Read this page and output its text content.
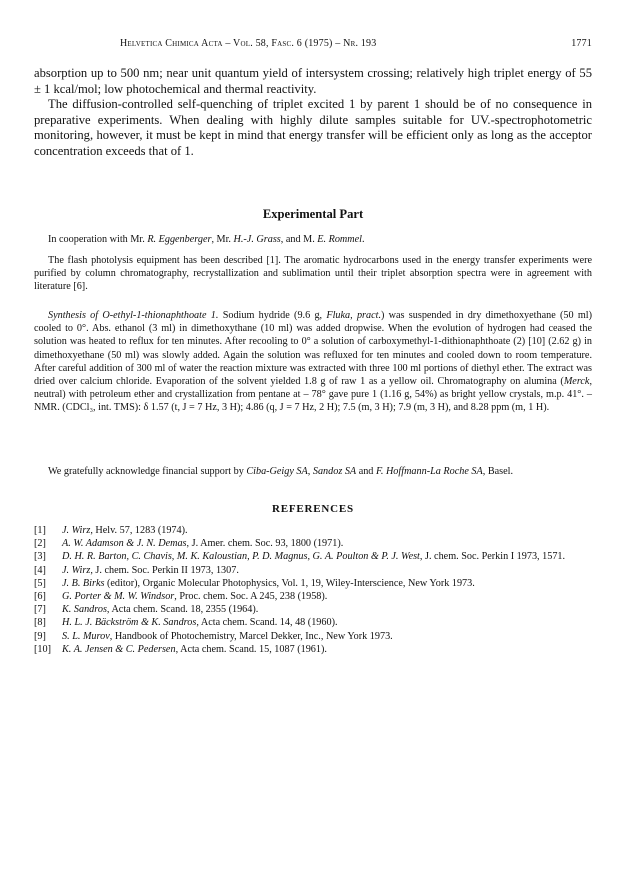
Helvetica Chimica Acta – Vol. 58, Fasc. 6 (1975) – Nr. 193	1771

absorption up to 500 nm; near unit quantum yield of intersystem crossing; relatively high triplet energy of 55 ± 1 kcal/mol; low photochemical and thermal reactivity.

The diffusion-controlled self-quenching of triplet excited 1 by parent 1 should be of no consequence in preparative experiments. When dealing with highly dilute samples suitable for UV.-spectrophotometric monitoring, however, it must be kept in mind that energy transfer will be efficient only as long as the acceptor concentration exceeds that of 1.

Experimental Part

In cooperation with Mr. R. Eggenberger, Mr. H.-J. Grass, and M. E. Rommel.

The flash photolysis equipment has been described [1]. The aromatic hydrocarbons used in the energy transfer experiments were purified by column chromatography, recrystallization and sublimation until their triplet absorption spectra were in agreement with literature [6].

Synthesis of O-ethyl-1-thionaphthoate 1. Sodium hydride (9.6 g, Fluka, pract.) was suspended in dry dimethoxyethane (50 ml) cooled to 0°. Abs. ethanol (3 ml) in dimethoxythane (10 ml) was added dropwise. When the evolution of hydrogen had ceased the solution was heated to reflux for ten minutes. After recooling to 0° a solution of carboxymethyl-1-dithionaphthoate (2) [10] (2.62 g) in dimethoxyethane (50 ml) was slowly added. Again the solution was refluxed for ten minutes and cooled down to room temperature. After careful addition of 300 ml of water the reaction mixture was extracted with three 100 ml portions of diethyl ether. The extract was dried over calcium chloride. Evaporation of the solvent yielded 1.8 g of raw 1 as a yellow oil. Chromatography on alumina (Merck, neutral) with petroleum ether and crystallization from pentane at – 78° gave pure 1 (1.16 g, 54%) as bright yellow crystals, m.p. 41°. – NMR. (CDCl₃, int. TMS): δ 1.57 (t, J = 7 Hz, 3 H); 4.86 (q, J = 7 Hz, 2 H); 7.5 (m, 3 H); 7.9 (m, 3 H), and 8.28 ppm (m, 1 H).

We gratefully acknowledge financial support by Ciba-Geigy SA, Sandoz SA and F. Hoffmann-La Roche SA, Basel.

REFERENCES
[1] J. Wirz, Helv. 57, 1283 (1974).
[2] A. W. Adamson & J. N. Demas, J. Amer. chem. Soc. 93, 1800 (1971).
[3] D. H. R. Barton, C. Chavis, M. K. Kaloustian, P. D. Magnus, G. A. Poulton & P. J. West, J. chem. Soc. Perkin I 1973, 1571.
[4] J. Wirz, J. chem. Soc. Perkin II 1973, 1307.
[5] J. B. Birks (editor), Organic Molecular Photophysics, Vol. 1, 19, Wiley-Interscience, New York 1973.
[6] G. Porter & M. W. Windsor, Proc. chem. Soc. A 245, 238 (1958).
[7] K. Sandros, Acta chem. Scand. 18, 2355 (1964).
[8] H. L. J. Bäckström & K. Sandros, Acta chem. Scand. 14, 48 (1960).
[9] S. L. Murov, Handbook of Photochemistry, Marcel Dekker, Inc., New York 1973.
[10] K. A. Jensen & C. Pedersen, Acta chem. Scand. 15, 1087 (1961).
